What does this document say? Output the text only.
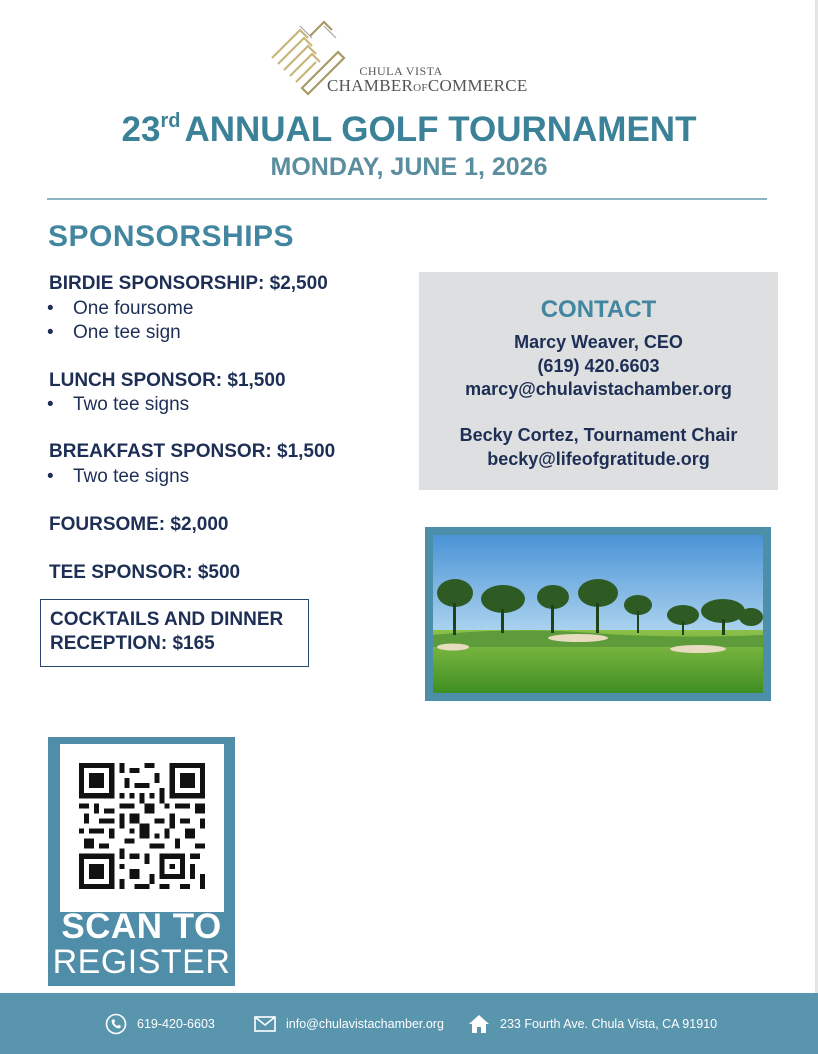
CHULA VISTA
CHAMBEROFCOMMERCE
23rd ANNUAL GOLF TOURNAMENT
MONDAY, JUNE 1, 2026
SPONSORSHIPS
BIRDIE SPONSORSHIP: $2,500
• One foursome
• One tee sign
LUNCH SPONSOR: $1,500
• Two tee signs
BREAKFAST SPONSOR: $1,500
• Two tee signs
FOURSOME: $2,000
TEE SPONSOR: $500
COCKTAILS AND DINNER
RECEPTION: $165
CONTACT
Marcy Weaver, CEO
(619) 420.6603
marcy@chulavistachamber.org
Becky Cortez, Tournament Chair
becky@lifeofgratitude.org
SCAN TO
REGISTER
619-420-6603	info@chulavistachamber.org	233 Fourth Ave. Chula Vista, CA 91910
